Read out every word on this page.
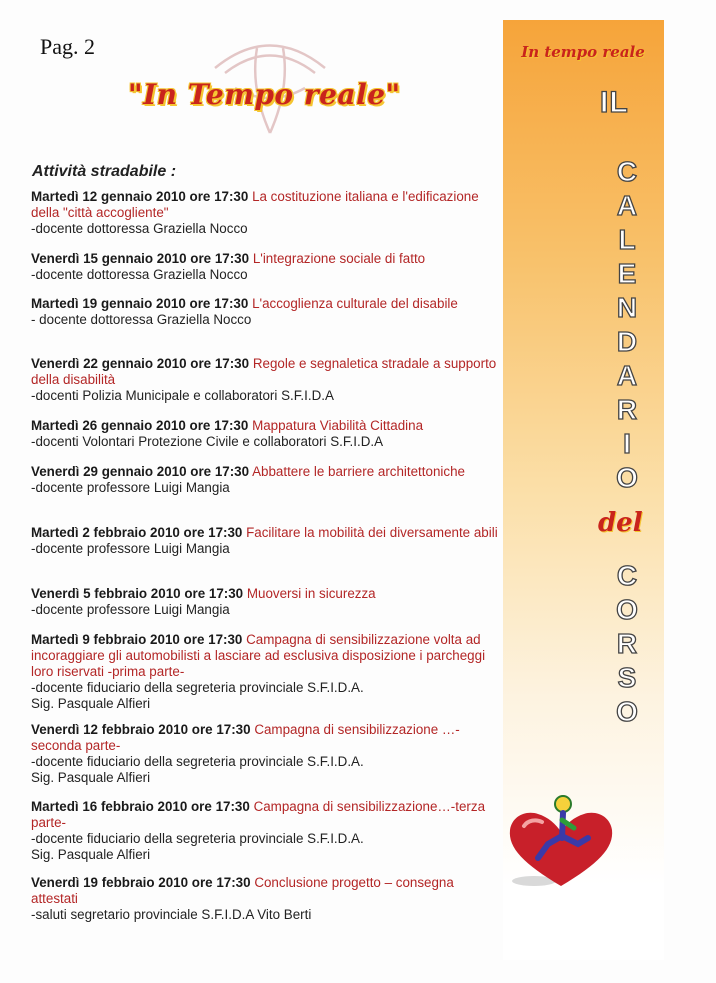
Pag. 2
"In Tempo reale"
Attività stradabile :
Martedì 12 gennaio 2010 ore 17:30 La costituzione italiana e l'edificazione della "città accogliente"
-docente dottoressa Graziella Nocco
Venerdì 15 gennaio 2010 ore 17:30 L'integrazione sociale di fatto
-docente dottoressa Graziella Nocco
Martedì 19 gennaio 2010 ore 17:30 L'accoglienza culturale del disabile
- docente dottoressa Graziella Nocco
Venerdì 22 gennaio 2010 ore 17:30 Regole e segnaletica stradale a supporto della disabilità
-docenti Polizia Municipale e collaboratori S.F.I.D.A
Martedì 26 gennaio 2010 ore 17:30 Mappatura Viabilità Cittadina
-docenti Volontari Protezione Civile e collaboratori S.F.I.D.A
Venerdì 29 gennaio 2010 ore 17:30 Abbattere le barriere architettoniche
-docente professore Luigi Mangia
Martedì 2 febbraio 2010 ore 17:30 Facilitare la mobilità dei diversamente abili
-docente professore Luigi Mangia
Venerdì 5 febbraio 2010 ore 17:30 Muoversi in sicurezza
-docente professore Luigi Mangia
Martedì 9 febbraio 2010 ore 17:30 Campagna di sensibilizzazione volta ad incoraggiare gli automobilisti a lasciare ad esclusiva disposizione i parcheggi loro riservati -prima parte-
-docente fiduciario della segreteria provinciale S.F.I.D.A.
Sig. Pasquale Alfieri
Venerdì 12 febbraio 2010 ore 17:30 Campagna di sensibilizzazione …-seconda parte-
-docente fiduciario della segreteria provinciale S.F.I.D.A.
Sig. Pasquale Alfieri
Martedì 16 febbraio 2010 ore 17:30 Campagna di sensibilizzazione…-terza parte-
-docente fiduciario della segreteria provinciale S.F.I.D.A.
Sig. Pasquale Alfieri
Venerdì 19 febbraio 2010 ore 17:30 Conclusione progetto – consegna attestati
-saluti segretario provinciale S.F.I.D.A Vito Berti
In tempo reale
IL
C
A
L
E
N
D
A
R
I
O
del
C
O
R
S
O
